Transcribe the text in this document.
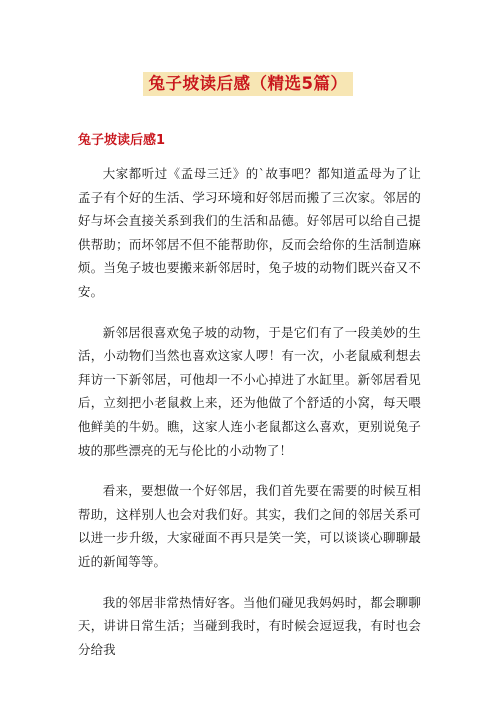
兔子坡读后感（精选5篇）
兔子坡读后感1

大家都听过《孟母三迁》的`故事吧？都知道孟母为了让孟子有个好的生活、学习环境和好邻居而搬了三次家。邻居的好与坏会直接关系到我们的生活和品德。好邻居可以给自己提供帮助；而坏邻居不但不能帮助你，反而会给你的生活制造麻烦。当兔子坡也要搬来新邻居时，兔子坡的动物们既兴奋又不安。

新邻居很喜欢兔子坡的动物，于是它们有了一段美妙的生活，小动物们当然也喜欢这家人啰！有一次，小老鼠威利想去拜访一下新邻居，可他却一不小心掉进了水缸里。新邻居看见后，立刻把小老鼠救上来，还为他做了个舒适的小窝，每天喂他鲜美的牛奶。瞧，这家人连小老鼠都这么喜欢，更别说兔子坡的那些漂亮的无与伦比的小动物了！

看来，要想做一个好邻居，我们首先要在需要的时候互相帮助，这样别人也会对我们好。其实，我们之间的邻居关系可以进一步升级，大家碰面不再只是笑一笑，可以谈谈心聊聊最近的新闻等等。

我的邻居非常热情好客。当他们碰见我妈妈时，都会聊聊天，讲讲日常生活；当碰到我时，有时候会逗逗我，有时也会分给我
